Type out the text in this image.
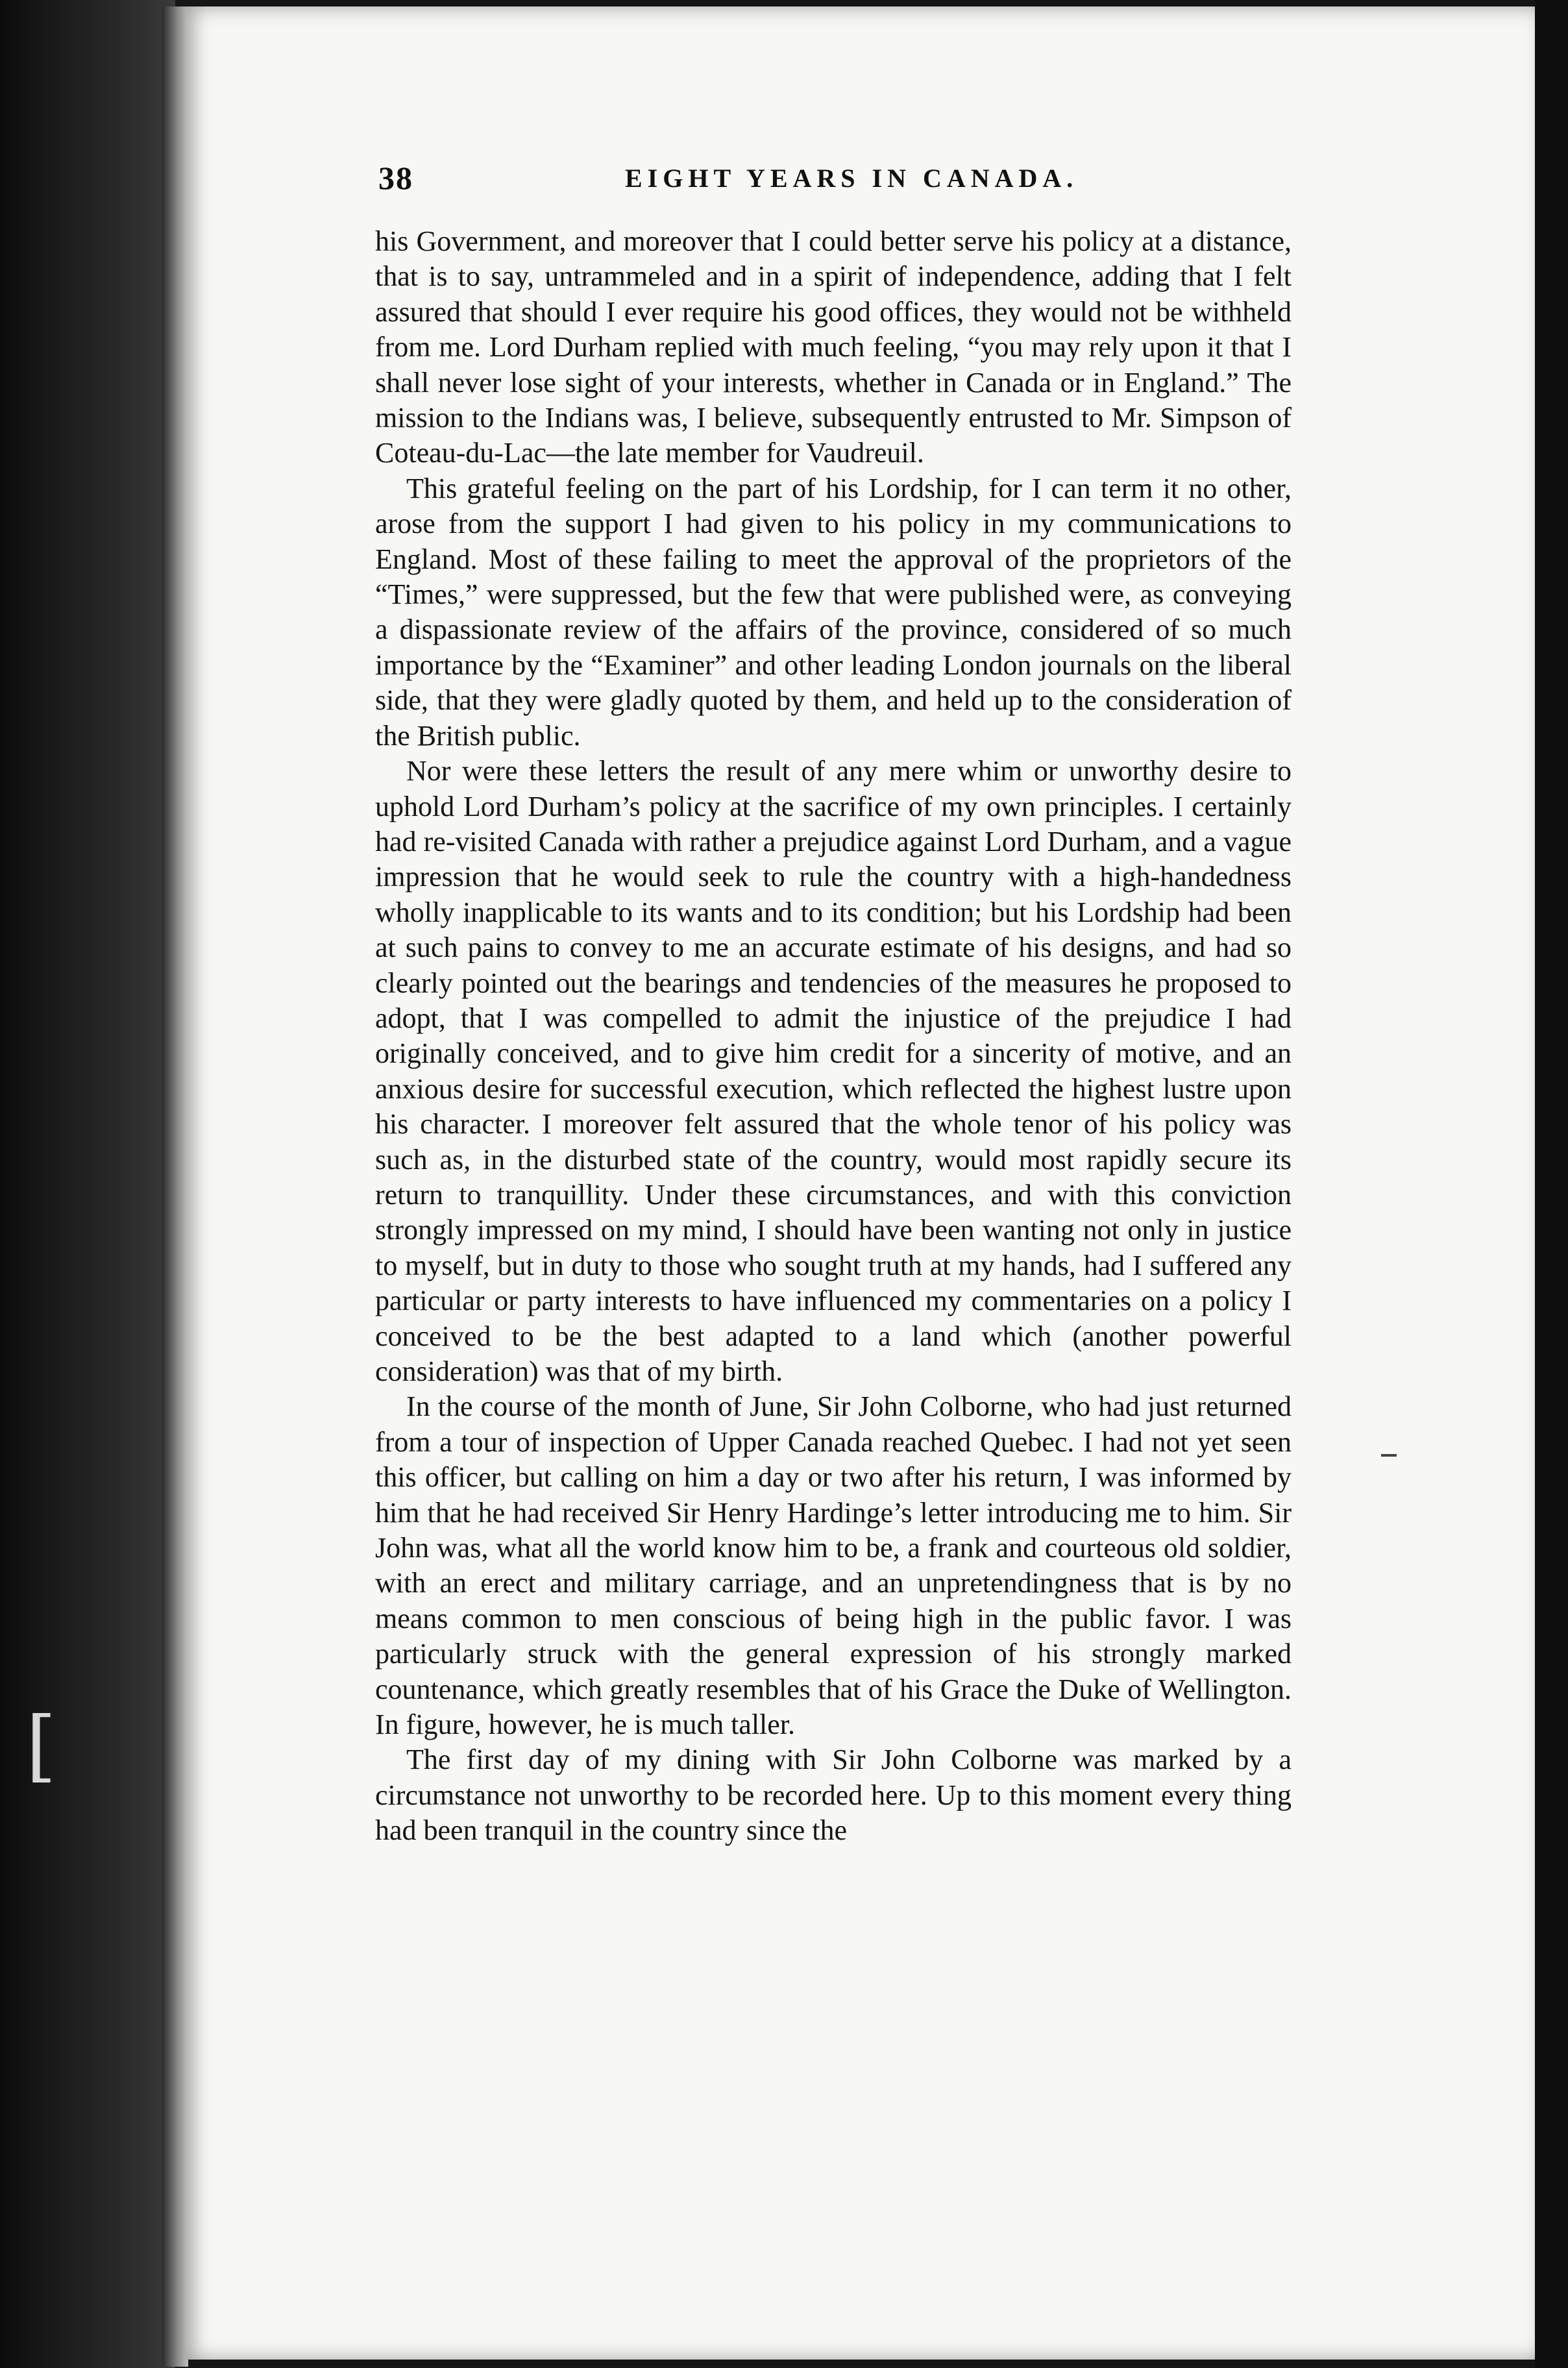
[
38	EIGHT YEARS IN CANADA.

his Government, and moreover that I could better serve his policy at a distance, that is to say, untrammeled and in a spirit of independence, adding that I felt assured that should I ever require his good offices, they would not be withheld from me. Lord Durham replied with much feeling, “you may rely upon it that I shall never lose sight of your interests, whether in Canada or in England.” The mission to the Indians was, I believe, subsequently entrusted to Mr. Simpson of Coteau-du-Lac—the late member for Vaudreuil.

This grateful feeling on the part of his Lordship, for I can term it no other, arose from the support I had given to his policy in my communications to England. Most of these failing to meet the approval of the proprietors of the “Times,” were suppressed, but the few that were published were, as conveying a dispassionate review of the affairs of the province, considered of so much importance by the “Examiner” and other leading London journals on the liberal side, that they were gladly quoted by them, and held up to the consideration of the British public.

Nor were these letters the result of any mere whim or unworthy desire to uphold Lord Durham’s policy at the sacrifice of my own principles. I certainly had re-visited Canada with rather a prejudice against Lord Durham, and a vague impression that he would seek to rule the country with a high-handedness wholly inapplicable to its wants and to its condition; but his Lordship had been at such pains to convey to me an accurate estimate of his designs, and had so clearly pointed out the bearings and tendencies of the measures he proposed to adopt, that I was compelled to admit the injustice of the prejudice I had originally conceived, and to give him credit for a sincerity of motive, and an anxious desire for successful execution, which reflected the highest lustre upon his character. I moreover felt assured that the whole tenor of his policy was such as, in the disturbed state of the country, would most rapidly secure its return to tranquillity. Under these circumstances, and with this conviction strongly impressed on my mind, I should have been wanting not only in justice to myself, but in duty to those who sought truth at my hands, had I suffered any particular or party interests to have influenced my commentaries on a policy I conceived to be the best adapted to a land which (another powerful consideration) was that of my birth.

In the course of the month of June, Sir John Colborne, who had just returned from a tour of inspection of Upper Canada reached Quebec. I had not yet seen this officer, but calling on him a day or two after his return, I was informed by him that he had received Sir Henry Hardinge’s letter introducing me to him. Sir John was, what all the world know him to be, a frank and courteous old soldier, with an erect and military carriage, and an unpretendingness that is by no means common to men conscious of being high in the public favor. I was particularly struck with the general expression of his strongly marked countenance, which greatly resembles that of his Grace the Duke of Wellington. In figure, however, he is much taller.

The first day of my dining with Sir John Colborne was marked by a circumstance not unworthy to be recorded here. Up to this moment every thing had been tranquil in the country since the
